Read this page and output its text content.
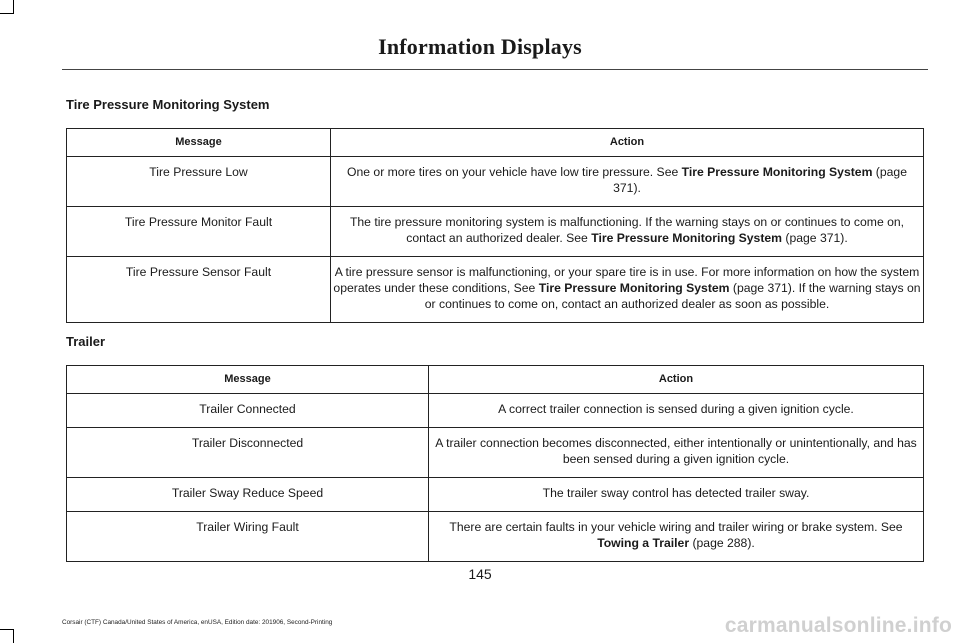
Information Displays
Tire Pressure Monitoring System
Message	Action
Tire Pressure Low	One or more tires on your vehicle have low tire pressure. See Tire Pressure Monitoring System (page 371).
Tire Pressure Monitor Fault	The tire pressure monitoring system is malfunctioning. If the warning stays on or continues to come on, contact an authorized dealer. See Tire Pressure Monitoring System (page 371).
Tire Pressure Sensor Fault	A tire pressure sensor is malfunctioning, or your spare tire is in use. For more information on how the system operates under these conditions, See Tire Pressure Monitoring System (page 371). If the warning stays on or continues to come on, contact an authorized dealer as soon as possible.
Trailer
Message	Action
Trailer Connected	A correct trailer connection is sensed during a given ignition cycle.
Trailer Disconnected	A trailer connection becomes disconnected, either intentionally or unintentionally, and has been sensed during a given ignition cycle.
Trailer Sway Reduce Speed	The trailer sway control has detected trailer sway.
Trailer Wiring Fault	There are certain faults in your vehicle wiring and trailer wiring or brake system. See Towing a Trailer (page 288).
145
Corsair (CTF) Canada/United States of America, enUSA, Edition date: 201906, Second-Printing	carmanualsonline.info
